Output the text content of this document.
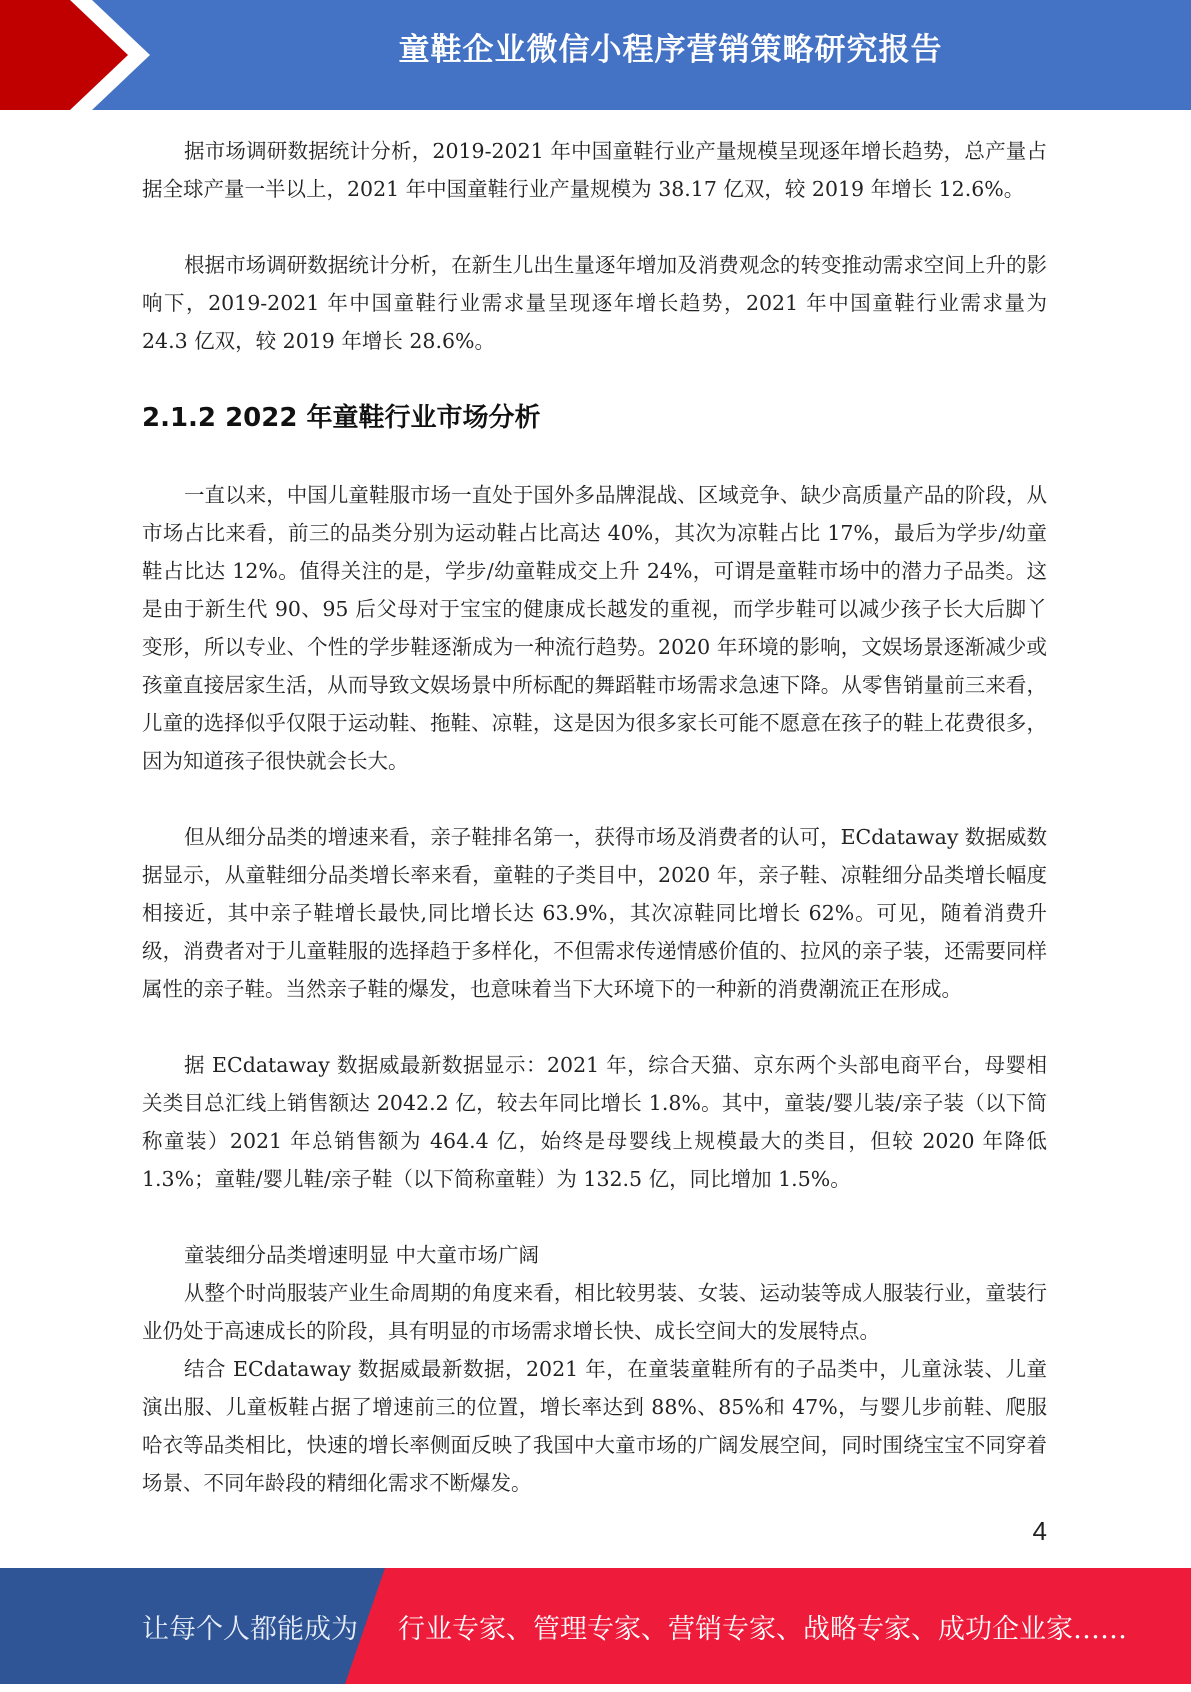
童鞋企业微信小程序营销策略研究报告

据市场调研数据统计分析，2019-2021 年中国童鞋行业产量规模呈现逐年增长趋势，总产量占据全球产量一半以上，2021 年中国童鞋行业产量规模为 38.17 亿双，较 2019 年增长 12.6%。

根据市场调研数据统计分析，在新生儿出生量逐年增加及消费观念的转变推动需求空间上升的影响下，2019-2021 年中国童鞋行业需求量呈现逐年增长趋势，2021 年中国童鞋行业需求量为 24.3 亿双，较 2019 年增长 28.6%。

2.1.2 2022 年童鞋行业市场分析

一直以来，中国儿童鞋服市场一直处于国外多品牌混战、区域竞争、缺少高质量产品的阶段，从市场占比来看，前三的品类分别为运动鞋占比高达 40%，其次为凉鞋占比 17%，最后为学步/幼童鞋占比达 12%。值得关注的是，学步/幼童鞋成交上升 24%，可谓是童鞋市场中的潜力子品类。这是由于新生代 90、95 后父母对于宝宝的健康成长越发的重视，而学步鞋可以减少孩子长大后脚丫变形，所以专业、个性的学步鞋逐渐成为一种流行趋势。2020 年环境的影响，文娱场景逐渐减少或孩童直接居家生活，从而导致文娱场景中所标配的舞蹈鞋市场需求急速下降。从零售销量前三来看，儿童的选择似乎仅限于运动鞋、拖鞋、凉鞋，这是因为很多家长可能不愿意在孩子的鞋上花费很多，因为知道孩子很快就会长大。

但从细分品类的增速来看，亲子鞋排名第一，获得市场及消费者的认可，ECdataway 数据威数据显示，从童鞋细分品类增长率来看，童鞋的子类目中，2020 年，亲子鞋、凉鞋细分品类增长幅度相接近，其中亲子鞋增长最快,同比增长达 63.9%，其次凉鞋同比增长 62%。可见，随着消费升级，消费者对于儿童鞋服的选择趋于多样化，不但需求传递情感价值的、拉风的亲子装，还需要同样属性的亲子鞋。当然亲子鞋的爆发，也意味着当下大环境下的一种新的消费潮流正在形成。

据 ECdataway 数据威最新数据显示：2021 年，综合天猫、京东两个头部电商平台，母婴相关类目总汇线上销售额达 2042.2 亿，较去年同比增长 1.8%。其中，童装/婴儿装/亲子装（以下简称童装）2021 年总销售额为 464.4 亿，始终是母婴线上规模最大的类目，但较 2020 年降低 1.3%；童鞋/婴儿鞋/亲子鞋（以下简称童鞋）为 132.5 亿，同比增加 1.5%。

童装细分品类增速明显 中大童市场广阔

从整个时尚服装产业生命周期的角度来看，相比较男装、女装、运动装等成人服装行业，童装行业仍处于高速成长的阶段，具有明显的市场需求增长快、成长空间大的发展特点。

结合 ECdataway 数据威最新数据，2021 年，在童装童鞋所有的子品类中，儿童泳装、儿童演出服、儿童板鞋占据了增速前三的位置，增长率达到 88%、85%和 47%，与婴儿步前鞋、爬服哈衣等品类相比，快速的增长率侧面反映了我国中大童市场的广阔发展空间，同时围绕宝宝不同穿着场景、不同年龄段的精细化需求不断爆发。

4
让每个人都能成为 行业专家、管理专家、营销专家、战略专家、成功企业家……
